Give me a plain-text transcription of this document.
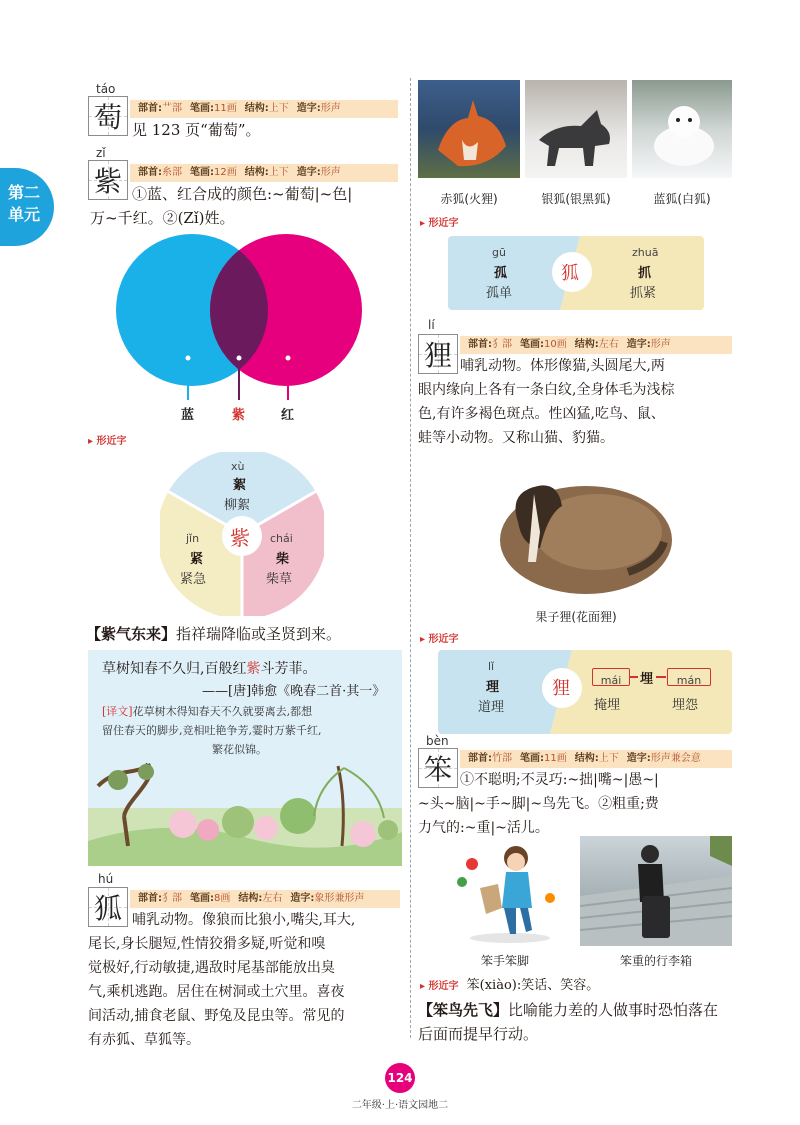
第二
单元
táo
萄	部首:艹部 笔画:11画 结构:上下 造字:形声
见 123 页“葡萄”。
zǐ
紫	部首:糸部 笔画:12画 结构:上下 造字:形声
①蓝、红合成的颜色:~葡萄|~色|
万~千红。②(Zǐ)姓。
蓝	紫	红
▸ 形近字
紫
xù
絮
柳絮
jǐn
紧
紧急
chái
柴
柴草
【紫气东来】指祥瑞降临或圣贤到来。
草树知春不久归,百般红紫斗芳菲。
——[唐]韩愈《晚春二首·其一》
[译文]花草树木得知春天不久就要离去,都想
留住春天的脚步,竞相吐艳争芳,霎时万紫千红,
繁花似锦。
hú
狐	部首:犭部 笔画:8画 结构:左右 造字:象形兼形声
哺乳动物。像狼而比狼小,嘴尖,耳大,
尾长,身长腿短,性情狡猾多疑,听觉和嗅
觉极好,行动敏捷,遇敌时尾基部能放出臭
气,乘机逃跑。居住在树洞或土穴里。喜夜
间活动,捕食老鼠、野兔及昆虫等。常见的
有赤狐、草狐等。
赤狐(火狸)	银狐(银黑狐)	蓝狐(白狐)
▸ 形近字
狐
gū
孤
孤单
zhuā
抓
抓紧
lí
狸	部首:犭部 笔画:10画 结构:左右 造字:形声
哺乳动物。体形像猫,头圆尾大,两
眼内缘向上各有一条白纹,全身体毛为浅棕
色,有许多褐色斑点。性凶猛,吃鸟、鼠、
蛙等小动物。又称山猫、豹猫。
果子狸(花面狸)
▸ 形近字
狸
lǐ
理
道理
mái	埋	mán
掩埋	埋怨
bèn
笨	部首:竹部 笔画:11画 结构:上下 造字:形声兼会意
①不聪明;不灵巧:~拙|嘴~|愚~|
~头~脑|~手~脚|~鸟先飞。②粗重;费
力气的:~重|~活儿。
笨手笨脚	笨重的行李箱
▸ 形近字 笨(xiào):笑话、笑容。
【笨鸟先飞】比喻能力差的人做事时恐怕落在
后面而提早行动。
124
二年级·上·语文园地二
